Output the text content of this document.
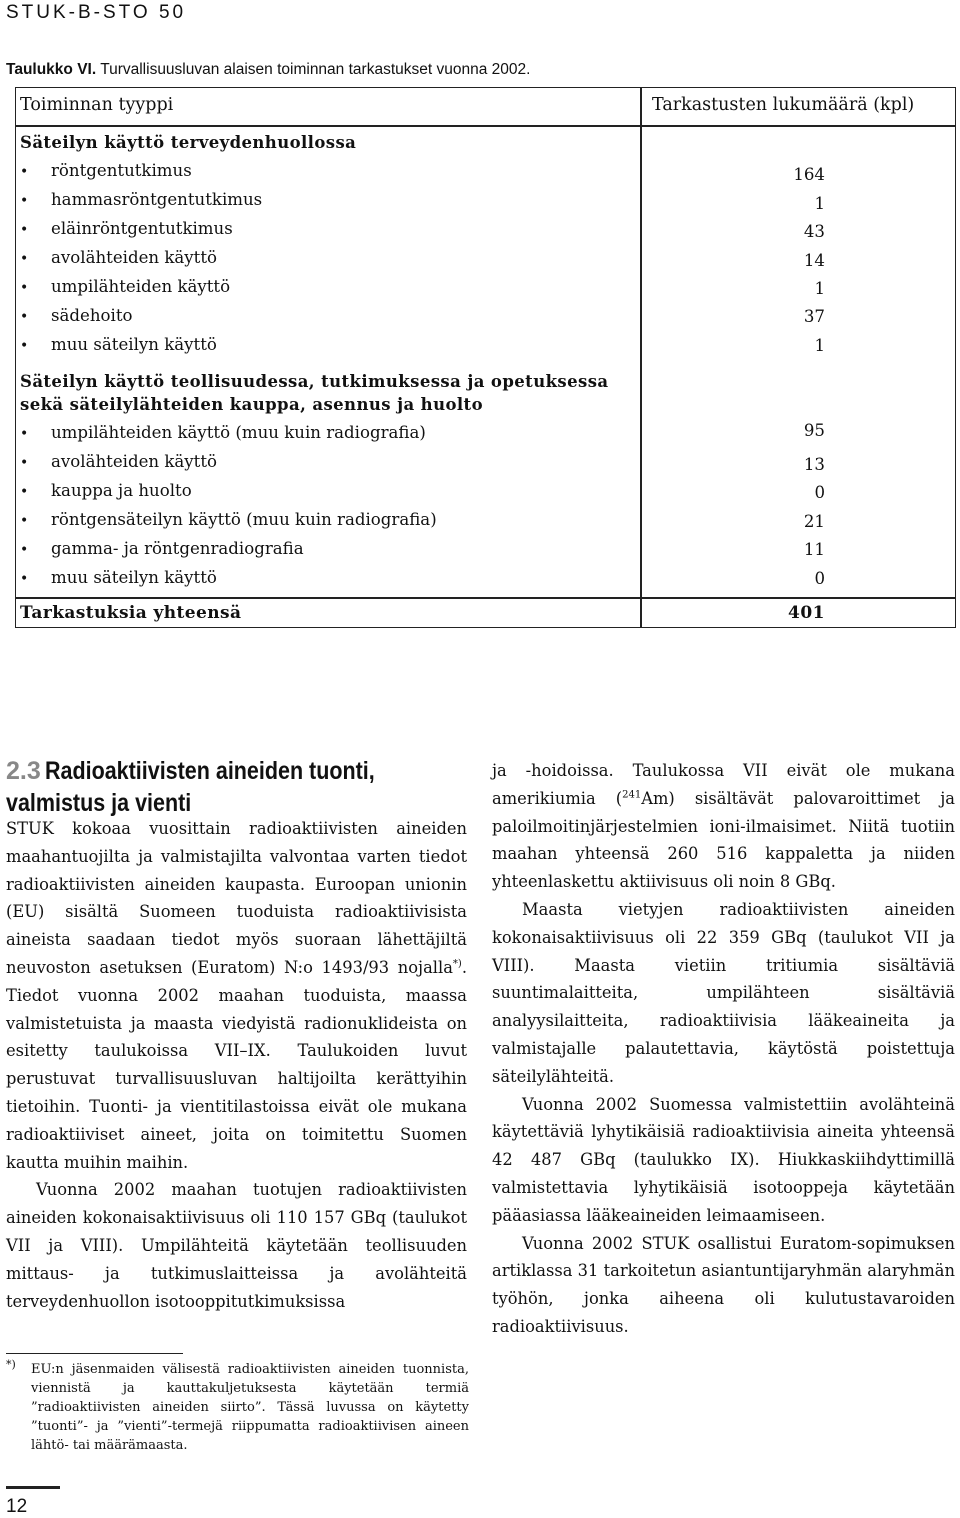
STUK-B-STO 50
Taulukko VI. Turvallisuusluvan alaisen toiminnan tarkastukset vuonna 2002.
Toiminnan tyyppi	Tarkastusten lukumäärä (kpl)
Säteilyn käyttö terveydenhuollossa
• röntgentutkimus	164
• hammasröntgentutkimus	1
• eläinröntgentutkimus	43
• avolähteiden käyttö	14
• umpilähteiden käyttö	1
• sädehoito	37
• muu säteilyn käyttö	1
Säteilyn käyttö teollisuudessa, tutkimuksessa ja opetuksessa
sekä säteilylähteiden kauppa, asennus ja huolto
• umpilähteiden käyttö (muu kuin radiografia)	95
• avolähteiden käyttö	13
• kauppa ja huolto	0
• röntgensäteilyn käyttö (muu kuin radiografia)	21
• gamma- ja röntgenradiografia	11
• muu säteilyn käyttö	0
Tarkastuksia yhteensä	401
2.3 Radioaktiivisten aineiden tuonti,
valmistus ja vienti

STUK kokoaa vuosittain radioaktiivisten aineiden maahantuojilta ja valmistajilta valvontaa varten tiedot radioaktiivisten aineiden kaupasta. Euroopan unionin (EU) sisältä Suomeen tuoduista radioaktiivisista aineista saadaan tiedot myös suoraan lähettäjiltä neuvoston asetuksen (Euratom) N:o 1493/93 nojalla*). Tiedot vuonna 2002 maahan tuoduista, maassa valmistetuista ja maasta viedyistä radionuklideista on esitetty taulukoissa VII–IX. Taulukoiden luvut perustuvat turvallisuusluvan haltijoilta kerättyihin tietoihin. Tuonti- ja vientitilastoissa eivät ole mukana radioaktiiviset aineet, joita on toimitettu Suomen kautta muihin maihin.

Vuonna 2002 maahan tuotujen radioaktiivisten aineiden kokonaisaktiivisuus oli 110 157 GBq (taulukot VII ja VIII). Umpilähteitä käytetään teollisuuden mittaus- ja tutkimuslaitteissa ja avolähteitä terveydenhuollon isotooppitutkimuksissa

ja -hoidoissa. Taulukossa VII eivät ole mukana amerikiumia ($^{241}$Am) sisältävät palovaroittimet ja paloilmoitinjärjestelmien ioni-ilmaisimet. Niitä tuotiin maahan yhteensä 260 516 kappaletta ja niiden yhteenlaskettu aktiivisuus oli noin 8 GBq.

Maasta vietyjen radioaktiivisten aineiden kokonaisaktiivisuus oli 22 359 GBq (taulukot VII ja VIII). Maasta vietiin tritiumia sisältäviä suuntimalaitteita, umpilähteen sisältäviä analyysilaitteita, radioaktiivisia lääkeaineita ja valmistajalle palautettavia, käytöstä poistettuja säteilylähteitä.

Vuonna 2002 Suomessa valmistettiin avolähteinä käytettäviä lyhytikäisiä radioaktiivisia aineita yhteensä 42 487 GBq (taulukko IX). Hiukkaskiihdyttimillä valmistettavia lyhytikäisiä isotooppeja käytetään pääasiassa lääkeaineiden leimaamiseen.

Vuonna 2002 STUK osallistui Euratom-sopimuksen artiklassa 31 tarkoitetun asiantuntijaryhmän alaryhmän työhön, jonka aiheena oli kulutustavaroiden radioaktiivisuus.

*) EU:n jäsenmaiden välisestä radioaktiivisten aineiden tuonnista, viennistä ja kauttakuljetuksesta käytetään termiä ”radioaktiivisten aineiden siirto”. Tässä luvussa on käytetty ”tuonti”- ja ”vienti”-termejä riippumatta radioaktiivisen aineen lähtö- tai määrämaasta.
12
